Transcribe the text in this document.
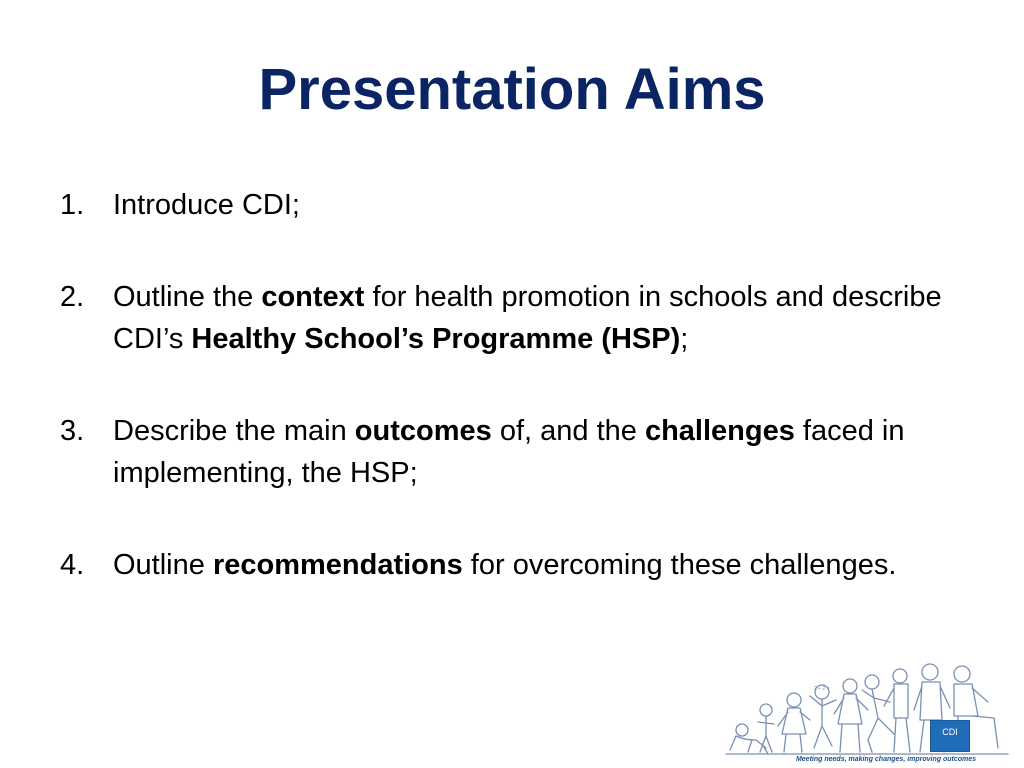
Presentation Aims
1. Introduce CDI;
2. Outline the context for health promotion in schools and describe CDI’s Healthy School’s Programme (HSP);
3. Describe the main outcomes of, and the challenges faced in implementing, the HSP;
4. Outline recommendations for overcoming these challenges.
2 + 2 =
CDI
Meeting needs, making changes, improving outcomes
